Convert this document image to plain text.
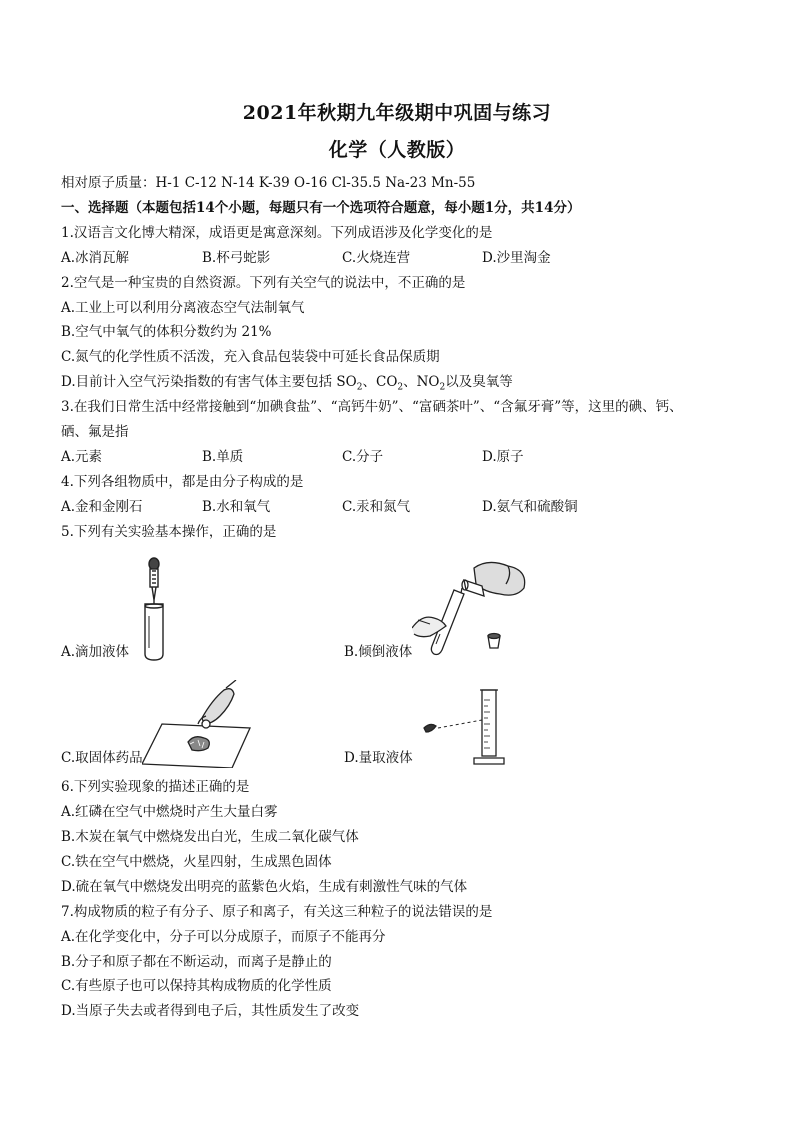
2021年秋期九年级期中巩固与练习
化学（人教版）
相对原子质量：H-1 C-12 N-14 K-39 O-16 Cl-35.5 Na-23 Mn-55
一、选择题（本题包括14个小题，每题只有一个选项符合题意，每小题1分，共14分）
1.汉语言文化博大精深，成语更是寓意深刻。下列成语涉及化学变化的是
A.冰消瓦解	B.杯弓蛇影	C.火烧连营	D.沙里淘金
2.空气是一种宝贵的自然资源。下列有关空气的说法中，不正确的是
A.工业上可以利用分离液态空气法制氧气
B.空气中氧气的体积分数约为 21%
C.氮气的化学性质不活泼，充入食品包装袋中可延长食品保质期
D.目前计入空气污染指数的有害气体主要包括 $SO_2$、$CO_2$、$NO_2$以及臭氧等
3.在我们日常生活中经常接触到“加碘食盐”、“高钙牛奶”、“富硒茶叶”、“含氟牙膏”等，这里的碘、钙、
硒、氟是指
A.元素	B.单质	C.分子	D.原子
4.下列各组物质中，都是由分子构成的是
A.金和金刚石	B.水和氧气	C.汞和氮气	D.氨气和硫酸铜
5.下列有关实验基本操作，正确的是
A.滴加液体	B.倾倒液体
C.取固体药品	D.量取液体
6.下列实验现象的描述正确的是
A.红磷在空气中燃烧时产生大量白雾
B.木炭在氧气中燃烧发出白光，生成二氧化碳气体
C.铁在空气中燃烧，火星四射，生成黑色固体
D.硫在氧气中燃烧发出明亮的蓝紫色火焰，生成有刺激性气味的气体
7.构成物质的粒子有分子、原子和离子，有关这三种粒子的说法错误的是
A.在化学变化中，分子可以分成原子，而原子不能再分
B.分子和原子都在不断运动，而离子是静止的
C.有些原子也可以保持其构成物质的化学性质
D.当原子失去或者得到电子后，其性质发生了改变
